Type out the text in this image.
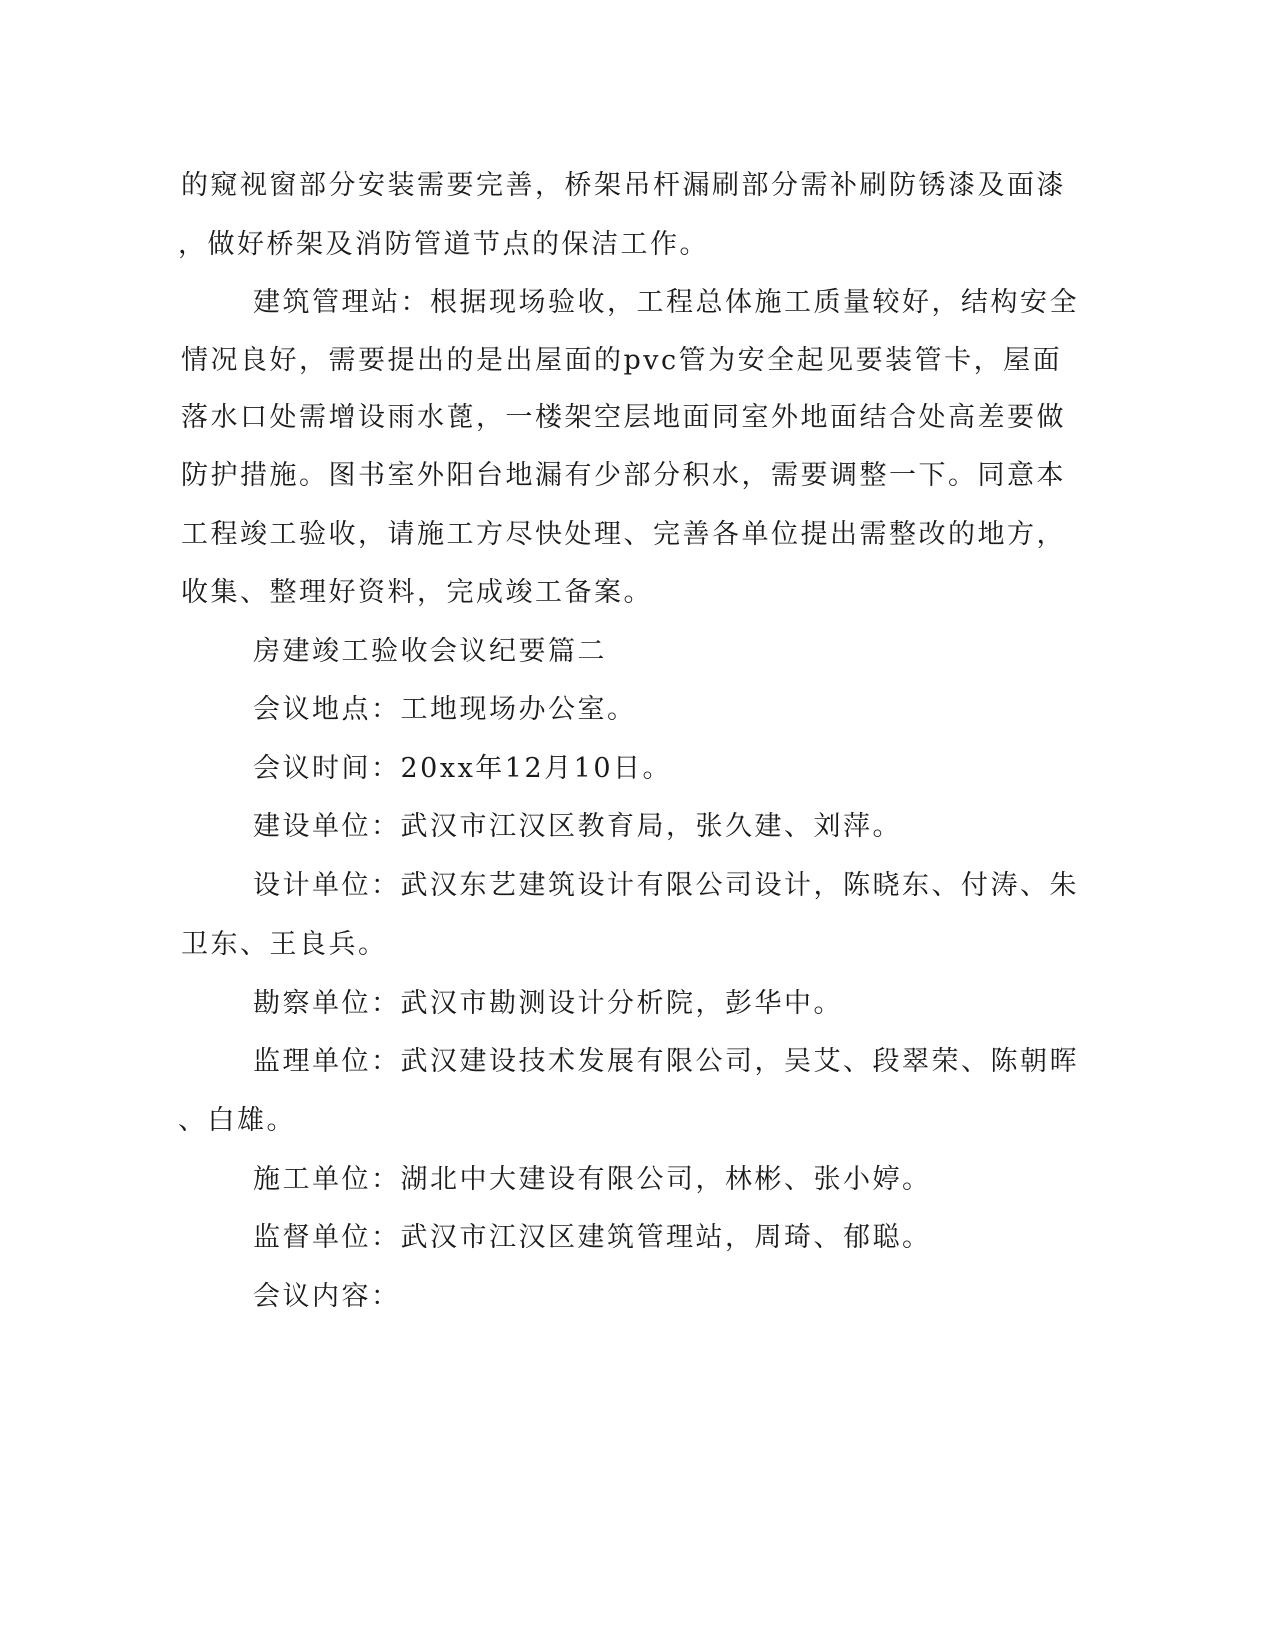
的窥视窗部分安装需要完善，桥架吊杆漏刷部分需补刷防锈漆及面漆
，做好桥架及消防管道节点的保洁工作。
建筑管理站：根据现场验收，工程总体施工质量较好，结构安全
情况良好，需要提出的是出屋面的pvc管为安全起见要装管卡，屋面
落水口处需增设雨水蓖，一楼架空层地面同室外地面结合处高差要做
防护措施。图书室外阳台地漏有少部分积水，需要调整一下。同意本
工程竣工验收，请施工方尽快处理、完善各单位提出需整改的地方，
收集、整理好资料，完成竣工备案。
房建竣工验收会议纪要篇二
会议地点：工地现场办公室。
会议时间：20xx年12月10日。
建设单位：武汉市江汉区教育局，张久建、刘萍。
设计单位：武汉东艺建筑设计有限公司设计，陈晓东、付涛、朱
卫东、王良兵。
勘察单位：武汉市勘测设计分析院，彭华中。
监理单位：武汉建设技术发展有限公司，吴艾、段翠荣、陈朝晖
、白雄。
施工单位：湖北中大建设有限公司，林彬、张小婷。
监督单位：武汉市江汉区建筑管理站，周琦、郁聪。
会议内容：
